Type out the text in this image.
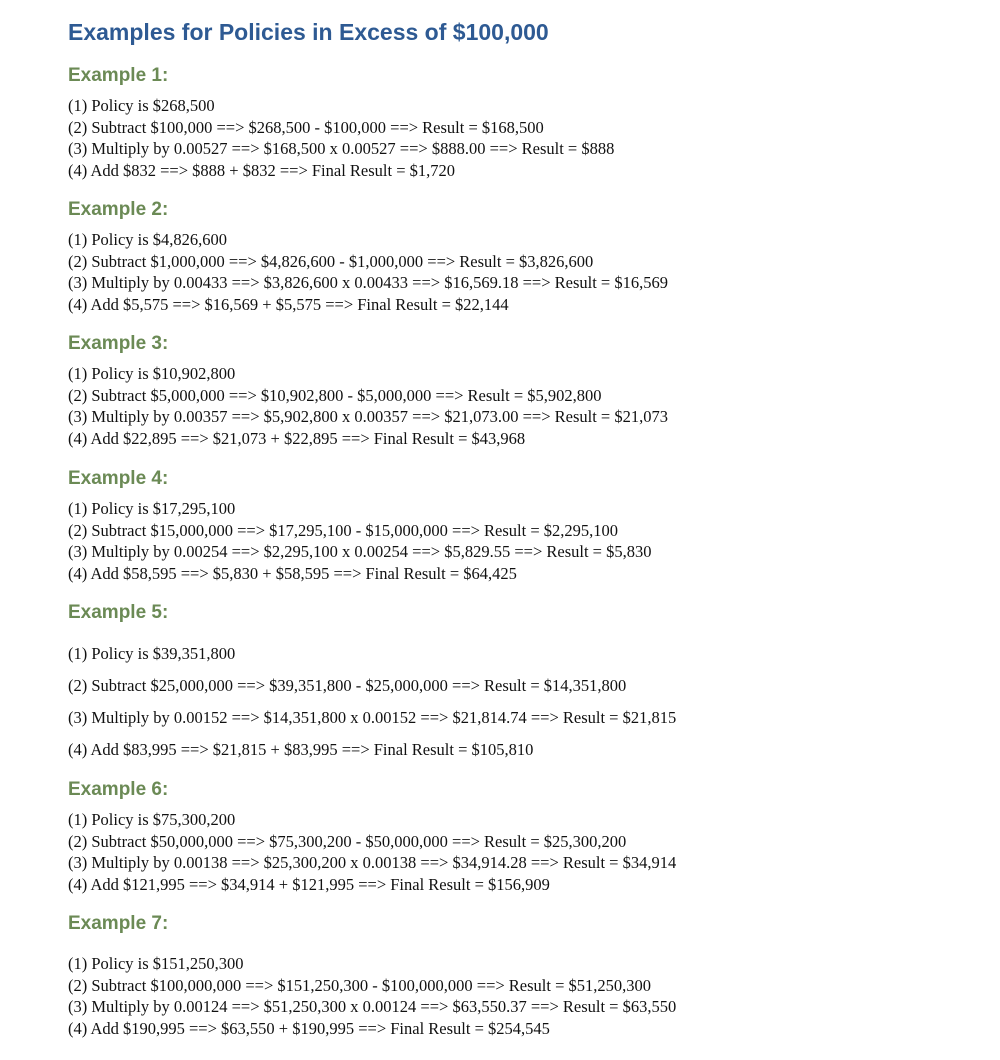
Examples for Policies in Excess of $100,000
Example 1:
(1) Policy is $268,500
(2) Subtract $100,000 ==> $268,500 - $100,000 ==> Result = $168,500
(3) Multiply by 0.00527 ==> $168,500 x 0.00527 ==> $888.00 ==> Result = $888
(4) Add $832 ==> $888 + $832 ==> Final Result = $1,720
Example 2:
(1) Policy is $4,826,600
(2) Subtract $1,000,000 ==> $4,826,600 - $1,000,000 ==> Result = $3,826,600
(3) Multiply by 0.00433 ==> $3,826,600 x 0.00433 ==> $16,569.18 ==> Result = $16,569
(4) Add $5,575 ==> $16,569 + $5,575 ==> Final Result = $22,144
Example 3:
(1) Policy is $10,902,800
(2) Subtract $5,000,000 ==> $10,902,800 - $5,000,000 ==> Result = $5,902,800
(3) Multiply by 0.00357 ==> $5,902,800 x 0.00357 ==> $21,073.00 ==> Result = $21,073
(4) Add $22,895 ==> $21,073 + $22,895 ==> Final Result = $43,968
Example 4:
(1) Policy is $17,295,100
(2) Subtract $15,000,000 ==> $17,295,100 - $15,000,000 ==> Result = $2,295,100
(3) Multiply by 0.00254 ==> $2,295,100 x 0.00254 ==> $5,829.55 ==> Result = $5,830
(4) Add $58,595 ==> $5,830 + $58,595 ==> Final Result = $64,425
Example 5:
(1) Policy is $39,351,800
(2) Subtract $25,000,000 ==> $39,351,800 - $25,000,000 ==> Result = $14,351,800
(3) Multiply by 0.00152 ==> $14,351,800 x 0.00152 ==> $21,814.74 ==> Result = $21,815
(4) Add $83,995 ==> $21,815 + $83,995 ==> Final Result = $105,810
Example 6:
(1) Policy is $75,300,200
(2) Subtract $50,000,000 ==> $75,300,200 - $50,000,000 ==> Result = $25,300,200
(3) Multiply by 0.00138 ==> $25,300,200 x 0.00138 ==> $34,914.28 ==> Result = $34,914
(4) Add $121,995 ==> $34,914 + $121,995 ==> Final Result = $156,909
Example 7:
(1) Policy is $151,250,300
(2) Subtract $100,000,000 ==> $151,250,300 - $100,000,000 ==> Result = $51,250,300
(3) Multiply by 0.00124 ==> $51,250,300 x 0.00124 ==> $63,550.37 ==> Result = $63,550
(4) Add $190,995 ==> $63,550 + $190,995 ==> Final Result = $254,545
